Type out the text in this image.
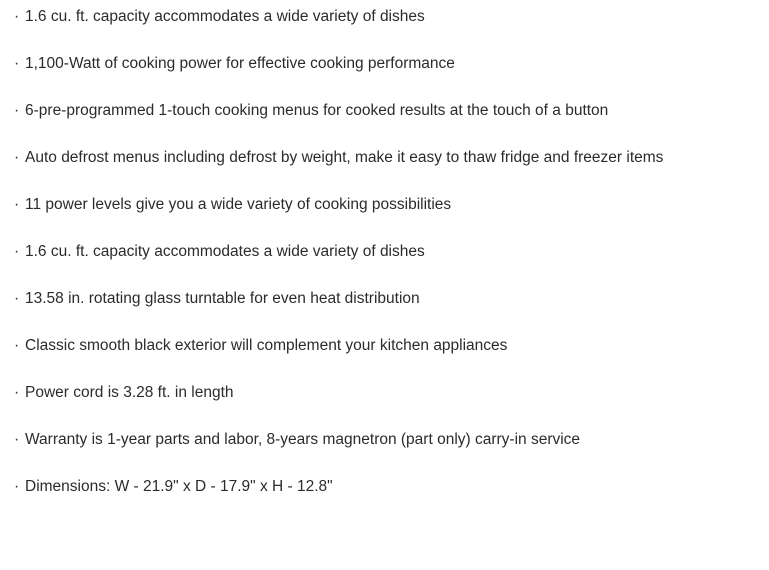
· 1.6 cu. ft. capacity accommodates a wide variety of dishes
· 1,100-Watt of cooking power for effective cooking performance
· 6-pre-programmed 1-touch cooking menus for cooked results at the touch of a button
· Auto defrost menus including defrost by weight, make it easy to thaw fridge and freezer items
· 11 power levels give you a wide variety of cooking possibilities
· 1.6 cu. ft. capacity accommodates a wide variety of dishes
· 13.58 in. rotating glass turntable for even heat distribution
· Classic smooth black exterior will complement your kitchen appliances
· Power cord is 3.28 ft. in length
· Warranty is 1-year parts and labor, 8-years magnetron (part only) carry-in service
· Dimensions: W - 21.9" x D - 17.9" x H - 12.8"
